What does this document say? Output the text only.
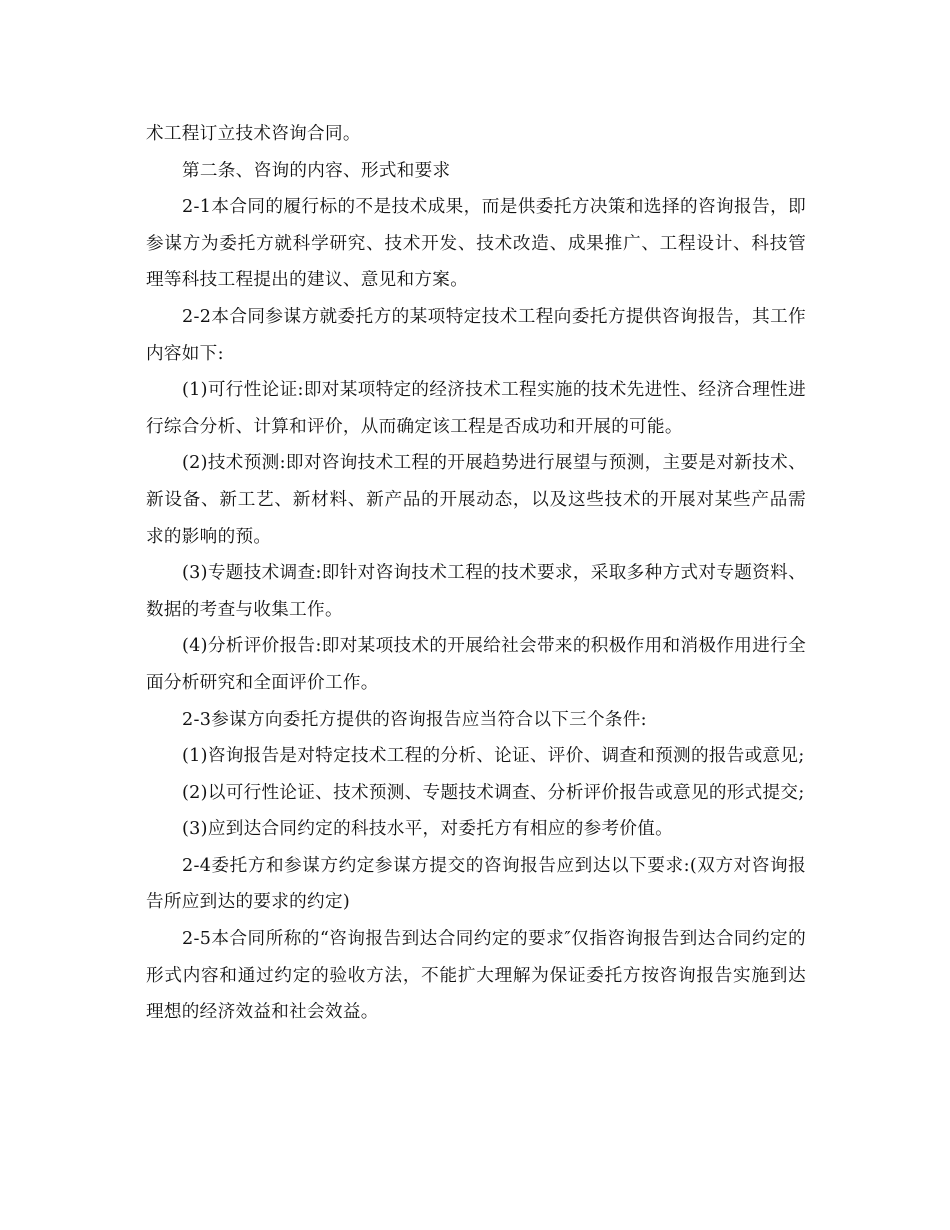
术工程订立技术咨询合同。

第二条、咨询的内容、形式和要求

2-1本合同的履行标的不是技术成果，而是供委托方决策和选择的咨询报告，即参谋方为委托方就科学研究、技术开发、技术改造、成果推广、工程设计、科技管理等科技工程提出的建议、意见和方案。

2-2本合同参谋方就委托方的某项特定技术工程向委托方提供咨询报告，其工作内容如下:

(1)可行性论证:即对某项特定的经济技术工程实施的技术先进性、经济合理性进行综合分析、计算和评价，从而确定该工程是否成功和开展的可能。

(2)技术预测:即对咨询技术工程的开展趋势进行展望与预测，主要是对新技术、新设备、新工艺、新材料、新产品的开展动态，以及这些技术的开展对某些产品需求的影响的预。

(3)专题技术调查:即针对咨询技术工程的技术要求，采取多种方式对专题资料、数据的考查与收集工作。

(4)分析评价报告:即对某项技术的开展给社会带来的积极作用和消极作用进行全面分析研究和全面评价工作。

2-3参谋方向委托方提供的咨询报告应当符合以下三个条件:

(1)咨询报告是对特定技术工程的分析、论证、评价、调查和预测的报告或意见;

(2)以可行性论证、技术预测、专题技术调查、分析评价报告或意见的形式提交;

(3)应到达合同约定的科技水平，对委托方有相应的参考价值。

2-4委托方和参谋方约定参谋方提交的咨询报告应到达以下要求:(双方对咨询报告所应到达的要求的约定)

2-5本合同所称的“咨询报告到达合同约定的要求″仅指咨询报告到达合同约定的形式内容和通过约定的验收方法，不能扩大理解为保证委托方按咨询报告实施到达理想的经济效益和社会效益。
